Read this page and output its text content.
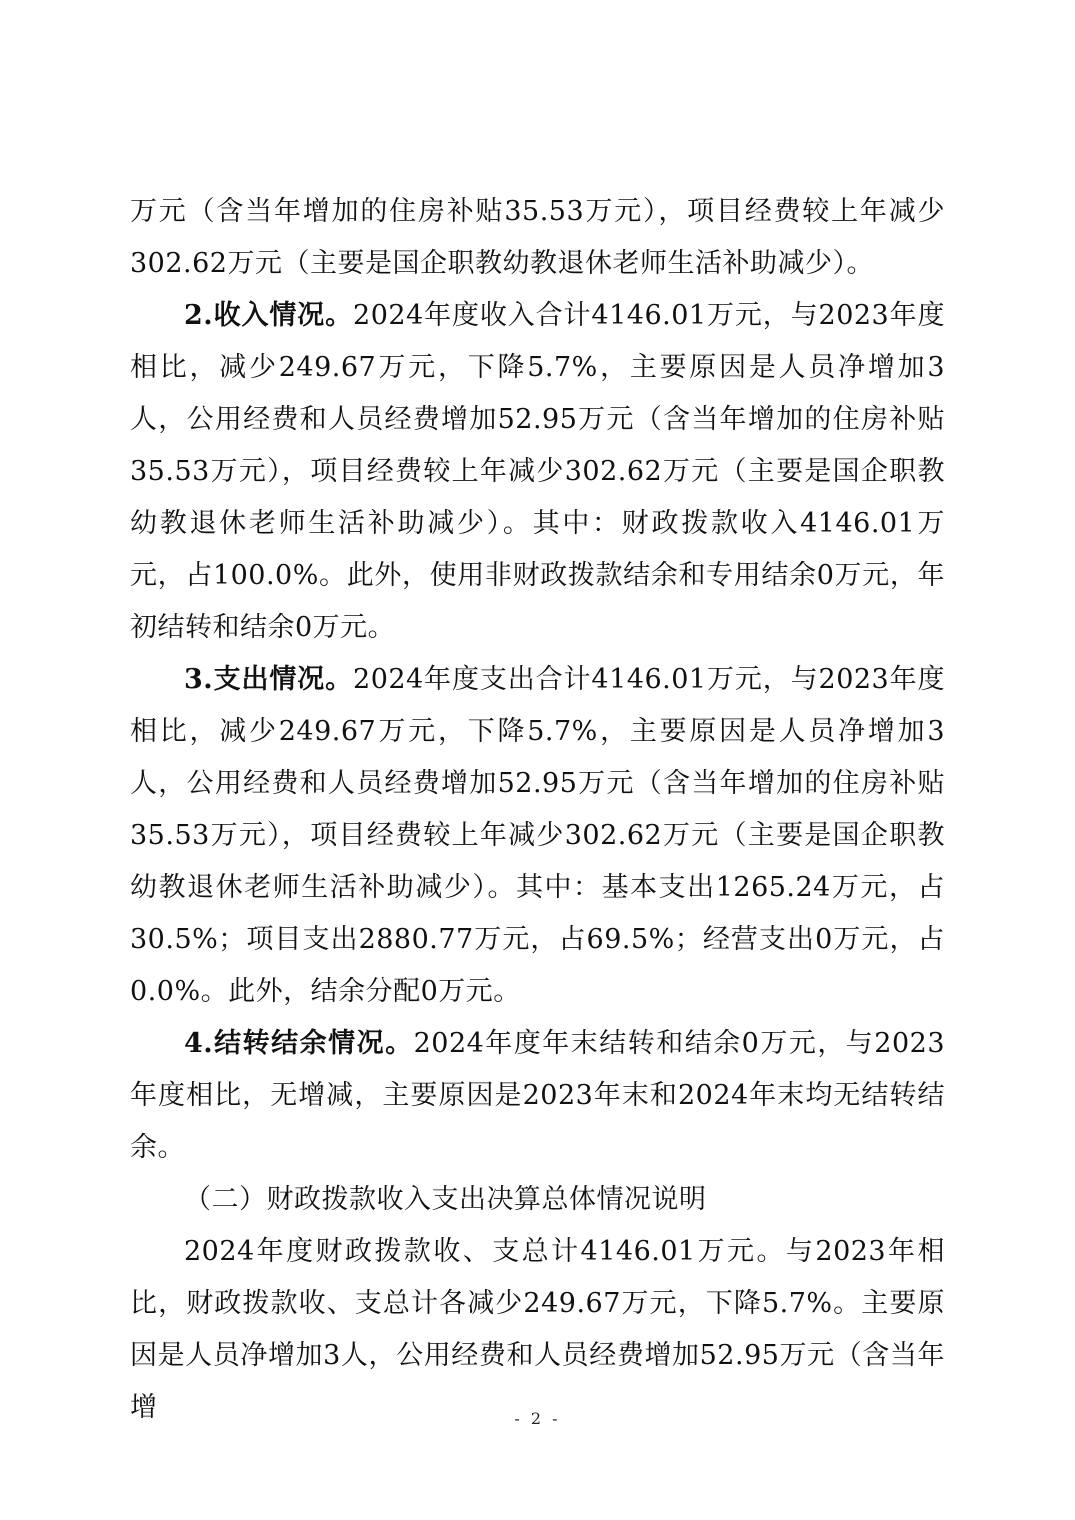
万元（含当年增加的住房补贴35.53万元），项目经费较上年减少302.62万元（主要是国企职教幼教退休老师生活补助减少）。

2.收入情况。2024年度收入合计4146.01万元，与2023年度相比，减少249.67万元，下降5.7%，主要原因是人员净增加3人，公用经费和人员经费增加52.95万元（含当年增加的住房补贴35.53万元），项目经费较上年减少302.62万元（主要是国企职教幼教退休老师生活补助减少）。其中：财政拨款收入4146.01万元，占100.0%。此外，使用非财政拨款结余和专用结余0万元，年初结转和结余0万元。

3.支出情况。2024年度支出合计4146.01万元，与2023年度相比，减少249.67万元，下降5.7%，主要原因是人员净增加3人，公用经费和人员经费增加52.95万元（含当年增加的住房补贴35.53万元），项目经费较上年减少302.62万元（主要是国企职教幼教退休老师生活补助减少）。其中：基本支出1265.24万元，占30.5%；项目支出2880.77万元，占69.5%；经营支出0万元，占0.0%。此外，结余分配0万元。

4.结转结余情况。2024年度年末结转和结余0万元，与2023年度相比，无增减，主要原因是2023年末和2024年末均无结转结余。

（二）财政拨款收入支出决算总体情况说明

2024年度财政拨款收、支总计4146.01万元。与2023年相比，财政拨款收、支总计各减少249.67万元，下降5.7%。主要原因是人员净增加3人，公用经费和人员经费增加52.95万元（含当年增	- 2 -
